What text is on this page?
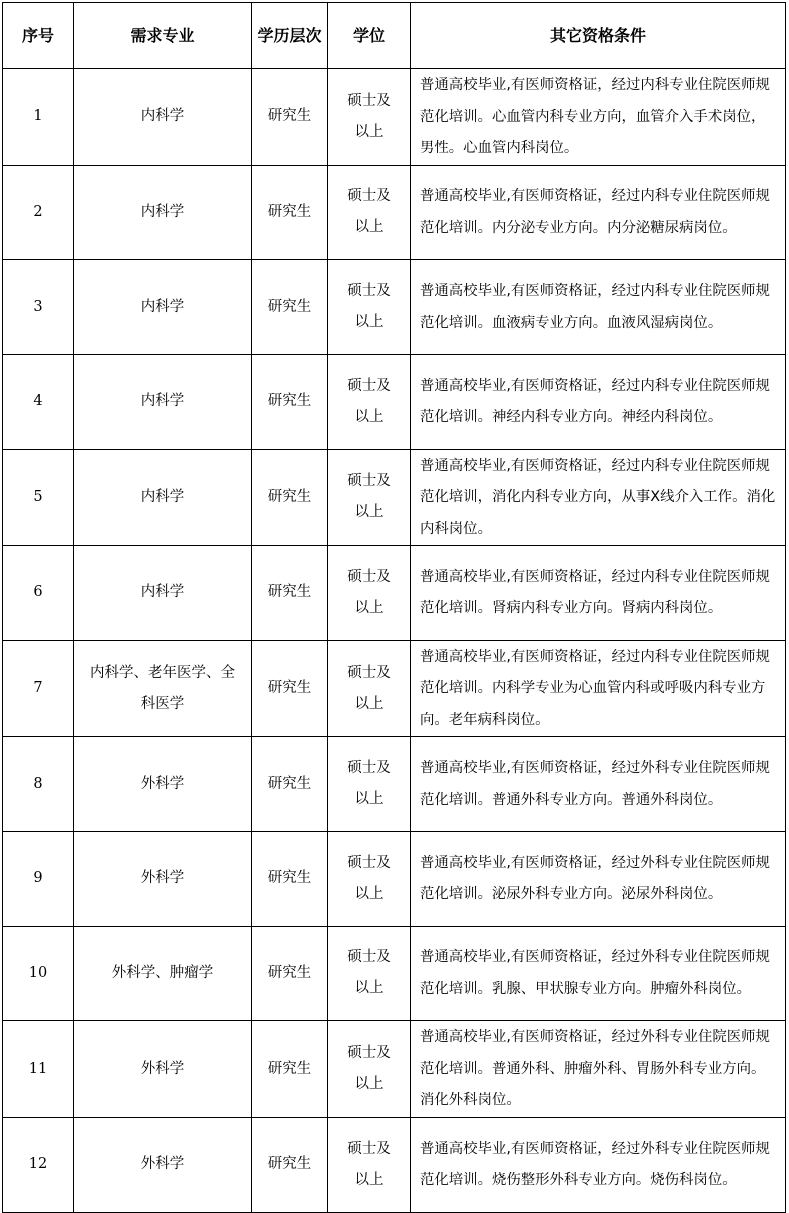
序号	需求专业	学历层次	学位	其它资格条件
1	内科学	研究生	硕士及以上	普通高校毕业,有医师资格证，经过内科专业住院医师规范化培训。心血管内科专业方向，血管介入手术岗位，男性。心血管内科岗位。
2	内科学	研究生	硕士及以上	普通高校毕业,有医师资格证，经过内科专业住院医师规范化培训。内分泌专业方向。内分泌糖尿病岗位。
3	内科学	研究生	硕士及以上	普通高校毕业,有医师资格证，经过内科专业住院医师规范化培训。血液病专业方向。血液风湿病岗位。
4	内科学	研究生	硕士及以上	普通高校毕业,有医师资格证，经过内科专业住院医师规范化培训。神经内科专业方向。神经内科岗位。
5	内科学	研究生	硕士及以上	普通高校毕业,有医师资格证，经过内科专业住院医师规范化培训，消化内科专业方向，从事X线介入工作。消化内科岗位。
6	内科学	研究生	硕士及以上	普通高校毕业,有医师资格证，经过内科专业住院医师规范化培训。肾病内科专业方向。肾病内科岗位。
7	内科学、老年医学、全科医学	研究生	硕士及以上	普通高校毕业,有医师资格证，经过内科专业住院医师规范化培训。内科学专业为心血管内科或呼吸内科专业方向。老年病科岗位。
8	外科学	研究生	硕士及以上	普通高校毕业,有医师资格证，经过外科专业住院医师规范化培训。普通外科专业方向。普通外科岗位。
9	外科学	研究生	硕士及以上	普通高校毕业,有医师资格证，经过外科专业住院医师规范化培训。泌尿外科专业方向。泌尿外科岗位。
10	外科学、肿瘤学	研究生	硕士及以上	普通高校毕业,有医师资格证，经过外科专业住院医师规范化培训。乳腺、甲状腺专业方向。肿瘤外科岗位。
11	外科学	研究生	硕士及以上	普通高校毕业,有医师资格证，经过外科专业住院医师规范化培训。普通外科、肿瘤外科、胃肠外科专业方向。消化外科岗位。
12	外科学	研究生	硕士及以上	普通高校毕业,有医师资格证，经过外科专业住院医师规范化培训。烧伤整形外科专业方向。烧伤科岗位。
